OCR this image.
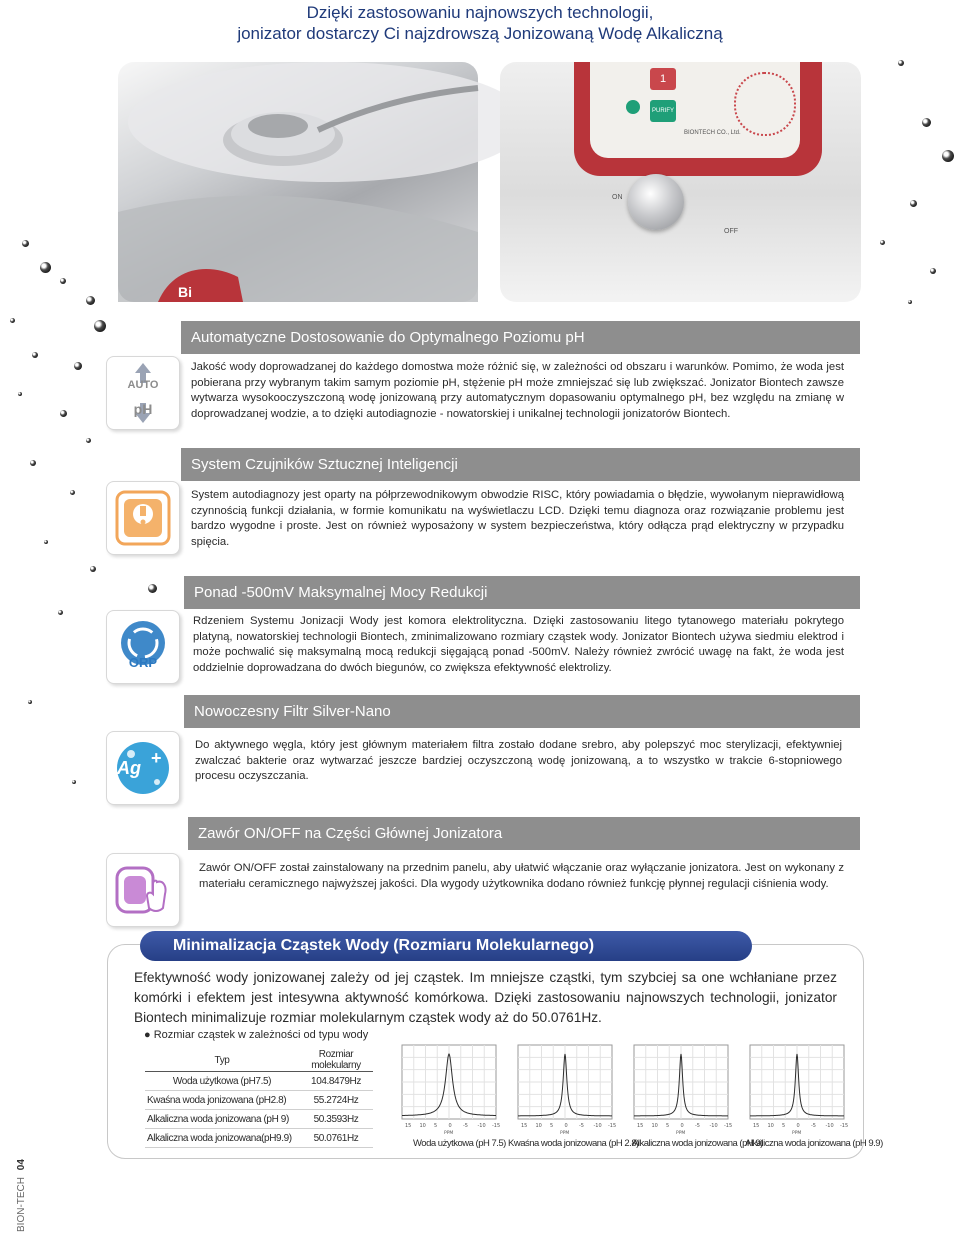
Dzięki zastosowaniu najnowszych technologii,
jonizator dostarczy Ci najzdrowszą Jonizowaną Wodę Alkaliczną
Bi
1
PURIFY
BIONTECH CO., Ltd.
ON
OFF
Automatyczne Dostosowanie do Optymalnego Poziomu pH
AUTO
pH
Jakość wody doprowadzanej do każdego domostwa może różnić się, w zależności od obszaru i warunków. Pomimo, że woda jest pobierana przy wybranym takim samym poziomie pH, stężenie pH może zmniejszać się lub zwiększać. Jonizator Biontech zawsze wytwarza wysokooczyszczoną wodę jonizowaną przy automatycznym dopasowaniu optymalnego pH, bez względu na zmianę w doprowadzanej wodzie, a to dzięki autodiagnozie - nowatorskiej i unikalnej technologii jonizatorów Biontech.
System Czujników Sztucznej Inteligencji
System autodiagnozy jest oparty na półprzewodnikowym obwodzie RISC, który powiadamia o błędzie, wywołanym nieprawidłową czynnością funkcji działania, w formie komunikatu na wyświetlaczu LCD. Dzięki temu diagnoza oraz rozwiązanie problemu jest bardzo wygodne i proste. Jest on również wyposażony w system bezpieczeństwa, który odłącza prąd elektryczny w przypadku spięcia.
Ponad -500mV Maksymalnej Mocy Redukcji
ORP
Rdzeniem Systemu Jonizacji Wody jest komora elektrolityczna. Dzięki zastosowaniu litego tytanowego materiału pokrytego platyną, nowatorskiej technologii Biontech, zminimalizowano rozmiary cząstek wody. Jonizator Biontech używa siedmiu elektrod i może pochwalić się maksymalną mocą redukcji sięgającą ponad -500mV. Należy również zwrócić uwagę na fakt, że woda jest oddzielnie doprowadzana do dwóch biegunów, co zwiększa efektywność elektrolizy.
Nowoczesny Filtr Silver-Nano
Ag +
Do aktywnego węgla, który jest głównym materiałem filtra zostało dodane srebro, aby polepszyć moc sterylizacji, efektywniej zwalczać bakterie oraz wytwarzać jeszcze bardziej oczyszczoną wodę jonizowaną, a to wszystko w trakcie 6-stopniowego procesu oczyszczania.
Zawór ON/OFF na Części Głównej Jonizatora
Zawór ON/OFF został zainstalowany na przednim panelu, aby ułatwić włączanie oraz wyłączanie jonizatora. Jest on wykonany z materiału ceramicznego najwyższej jakości. Dla wygody użytkownika dodano również funkcję płynnej regulacji ciśnienia wody.
Minimalizacja Cząstek Wody (Rozmiaru Molekularnego)
Efektywność wody jonizowanej zależy od jej cząstek. Im mniejsze cząstki, tym szybciej sa one wchłaniane przez komórki i efektem jest intesywna aktywność komórkowa. Dzięki zastosowaniu najnowszych technologii, jonizator Biontech minimalizuje rozmiar molekularnym cząstek wody aż do 50.0761Hz.
● Rozmiar cząstek w zależności od typu wody
Typ	Rozmiar molekularny
Woda użytkowa (pH7.5)	104.8479Hz
Kwaśna woda jonizowana (pH2.8)	55.2724Hz
Alkaliczna woda jonizowana (pH 9)	50.3593Hz
Alkaliczna woda jonizowana(pH9.9)	50.0761Hz
15 10 5 0 -5 -10 -15
PPM
Woda użytkowa (pH 7.5)
15 10 5 0 -5 -10 -15
PPM
Kwaśna woda jonizowana (pH 2.8)
15 10 5 0 -5 -10 -15
PPM
Alkaliczna woda jonizowana (pH 9)
15 10 5 0 -5 -10 -15
PPM
Alkaliczna woda jonizowana (pH 9.9)
BION-TECH 04
